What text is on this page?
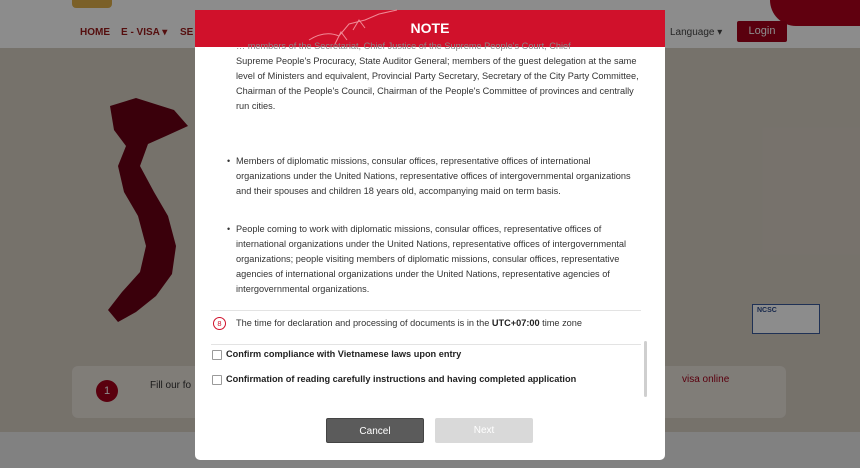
HOME E - VISA ▾ SE	Language ▾	Login
1	Fill our fo
visa online
NCSC
NOTE
… members of the Secretariat, Chief Justice of the Supreme People's Court, Chief
Supreme People's Procuracy, State Auditor General; members of the guest delegation at the same level of Ministers and equivalent, Provincial Party Secretary, Secretary of the City Party Committee, Chairman of the People's Council, Chairman of the People's Committee of provinces and centrally run cities.
• Members of diplomatic missions, consular offices, representative offices of international organizations under the United Nations, representative offices of intergovernmental organizations and their spouses and children 18 years old, accompanying maid on term basis.
• People coming to work with diplomatic missions, consular offices, representative offices of international organizations under the United Nations, representative offices of intergovernmental organizations; people visiting members of diplomatic missions, consular offices, representative agencies of international organizations under the United Nations, representative agencies of intergovernmental organizations.
8	The time for declaration and processing of documents is in the UTC+07:00 time zone
Confirm compliance with Vietnamese laws upon entry
Confirmation of reading carefully instructions and having completed application
Cancel	Next
